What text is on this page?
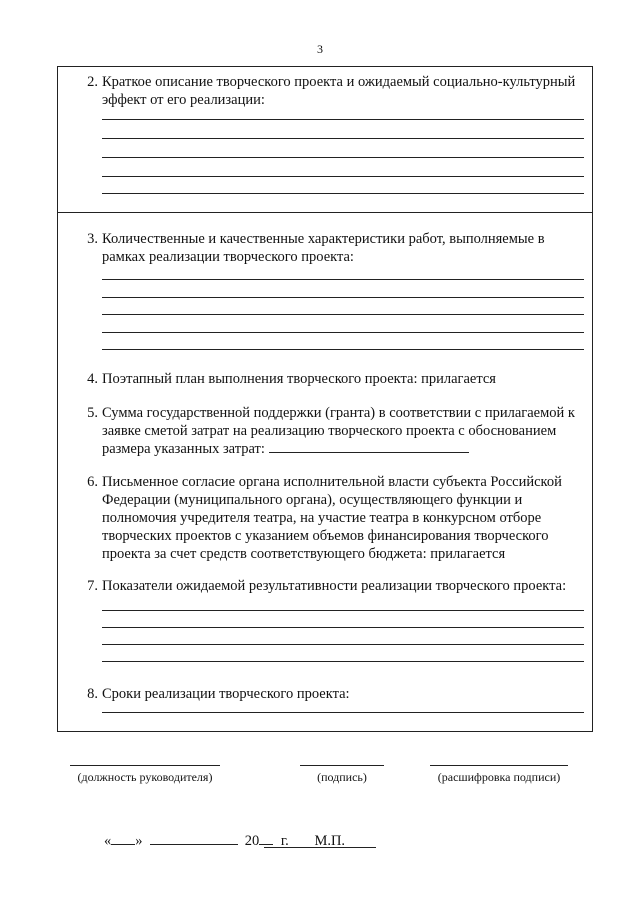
3
2. Краткое описание творческого проекта и ожидаемый социально-культурный эффект от его реализации:
3. Количественные и качественные характеристики работ, выполняемые в рамках реализации творческого проекта:
4. Поэтапный план выполнения творческого проекта: прилагается
5. Сумма государственной поддержки (гранта) в соответствии с прилагаемой к заявке сметой затрат на реализацию творческого проекта с обоснованием размера указанных затрат:
6. Письменное согласие органа исполнительной власти субъекта Российской Федерации (муниципального органа), осуществляющего функции и полномочия учредителя театра, на участие театра в конкурсном отборе творческих проектов с указанием объемов финансирования творческого проекта за счет средств соответствующего бюджета: прилагается
7. Показатели ожидаемой результативности реализации творческого проекта:
8. Сроки реализации творческого проекта:
(должность руководителя)	(подпись)	(расшифровка подписи)
« »	20 г. М.П.
